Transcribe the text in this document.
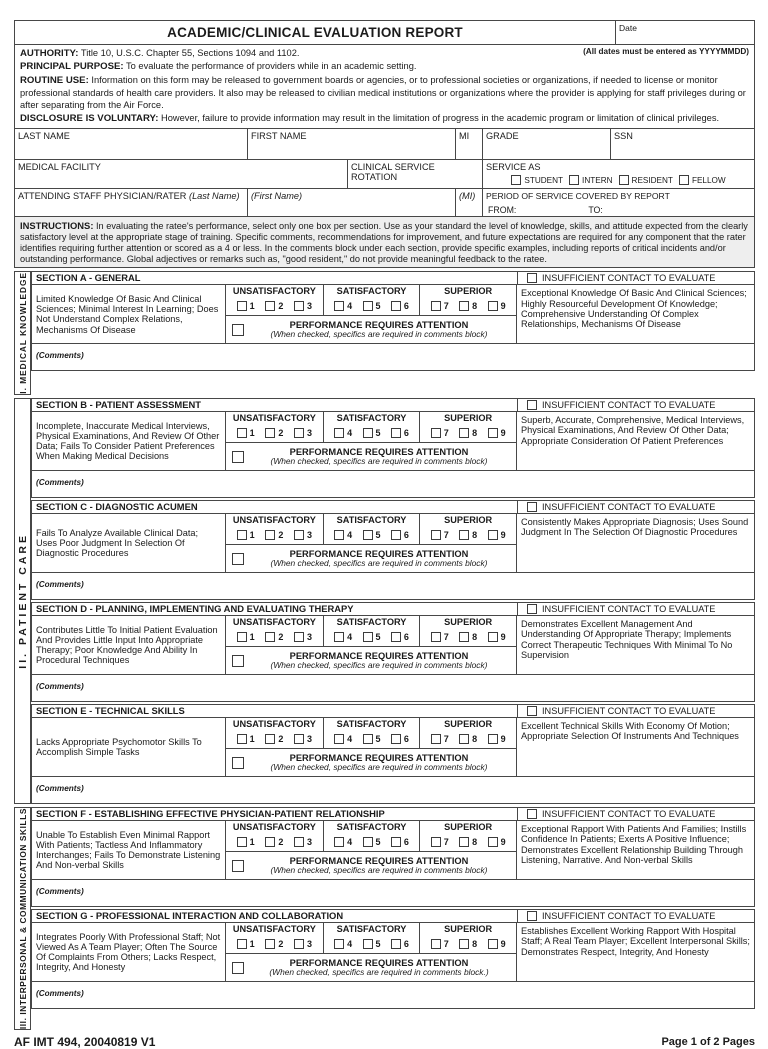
ACADEMIC/CLINICAL EVALUATION REPORT	Date
AUTHORITY: Title 10, U.S.C. Chapter 55, Sections 1094 and 1102.	(All dates must be entered as YYYYMMDD)
PRINCIPAL PURPOSE: To evaluate the performance of providers while in an academic setting.
ROUTINE USE: Information on this form may be released to government boards or agencies, or to professional societies or organizations, if needed to license or monitor professional standards of health care providers. It also may be released to civilian medical institutions or organizations where the provider is applying for staff privileges during or after separating from the Air Force.
DISCLOSURE IS VOLUNTARY: However, failure to provide information may result in the limitation of progress in the academic program or limitation of clinical privileges.
LAST NAME	FIRST NAME	MI	GRADE	SSN
MEDICAL FACILITY	CLINICAL SERVICE ROTATION
SERVICE AS
STUDENT INTERN RESIDENT FELLOW
ATTENDING STAFF PHYSICIAN/RATER (Last Name)	(First Name)	(MI)	PERIOD OF SERVICE COVERED BY REPORT
FROM:	TO:
INSTRUCTIONS: In evaluating the ratee's performance, select only one box per section. Use as your standard the level of knowledge, skills, and attitude expected from the clearly satisfactory level at the appropriate stage of training. Specific comments, recommendations for improvement, and future expectations are required for any component that the rater identifies requiring further attention or scored as a 4 or less. In the comments block under each section, provide specific examples, including reports of critical incidents and/or outstanding performance. Global adjectives or remarks such as, "good resident," do not provide meaningful feedback to the ratee.
I. MEDICAL KNOWLEDGE SECTION A - GENERAL	INSUFFICIENT CONTACT TO EVALUATE
Limited Knowledge Of Basic And Clinical Sciences; Minimal Interest In Learning; Does Not Understand Complex Relations, Mechanisms Of Disease
UNSATISFACTORY
1	2	3
SATISFACTORY
4	5	6
SUPERIOR
7	8	9
PERFORMANCE REQUIRES ATTENTION
(When checked, specifics are required in comments block)
Exceptional Knowledge Of Basic And Clinical Sciences; Highly Resourceful Development Of Knowledge; Comprehensive Understanding Of Complex Relationships, Mechanisms Of Disease
(Comments)
II. PATIENT CARE
SECTION B - PATIENT ASSESSMENT	INSUFFICIENT CONTACT TO EVALUATE
Incomplete, Inaccurate Medical Interviews, Physical Examinations, And Review Of Other Data; Fails To Consider Patient Preferences When Making Medical Decisions
UNSATISFACTORY
1	2	3
SATISFACTORY
4	5	6
SUPERIOR
7	8	9
PERFORMANCE REQUIRES ATTENTION
(When checked, specifics are required in comments block)
Superb, Accurate, Comprehensive, Medical Interviews, Physical Examinations, And Review Of Other Data; Appropriate Consideration Of Patient Preferences
(Comments)
SECTION C - DIAGNOSTIC ACUMEN	INSUFFICIENT CONTACT TO EVALUATE
Fails To Analyze Available Clinical Data; Uses Poor Judgment In Selection Of Diagnostic Procedures
UNSATISFACTORY
1	2	3
SATISFACTORY
4	5	6
SUPERIOR
7	8	9
PERFORMANCE REQUIRES ATTENTION
(When checked, specifics are required in comments block)
Consistently Makes Appropriate Diagnosis; Uses Sound Judgment In The Selection Of Diagnostic Procedures
(Comments)
SECTION D - PLANNING, IMPLEMENTING AND EVALUATING THERAPY	INSUFFICIENT CONTACT TO EVALUATE
Contributes Little To Initial Patient Evaluation And Provides Little Input Into Appropriate Therapy; Poor Knowledge And Ability In Procedural Techniques
UNSATISFACTORY
1	2	3
SATISFACTORY
4	5	6
SUPERIOR
7	8	9
PERFORMANCE REQUIRES ATTENTION
(When checked, specifics are required in comments block)
Demonstrates Excellent Management And Understanding Of Appropriate Therapy; Implements Correct Therapeutic Techniques With Minimal To No Supervision
(Comments)
SECTION E - TECHNICAL SKILLS	INSUFFICIENT CONTACT TO EVALUATE
Lacks Appropriate Psychomotor Skills To Accomplish Simple Tasks
UNSATISFACTORY
1	2	3
SATISFACTORY
4	5	6
SUPERIOR
7	8	9
PERFORMANCE REQUIRES ATTENTION
(When checked, specifics are required in comments block)
Excellent Technical Skills With Economy Of Motion; Appropriate Selection Of Instruments And Techniques
(Comments)
III. INTERPERSONAL & COMMUNICATION SKILLS SECTION F - ESTABLISHING EFFECTIVE PHYSICIAN-PATIENT RELATIONSHIP	INSUFFICIENT CONTACT TO EVALUATE
Unable To Establish Even Minimal Rapport With Patients; Tactless And Inflammatory Interchanges; Fails To Demonstrate Listening And Non-verbal Skills
UNSATISFACTORY
1	2	3
SATISFACTORY
4	5	6
SUPERIOR
7	8	9
PERFORMANCE REQUIRES ATTENTION
(When checked, specifics are required in comments block)
Exceptional Rapport With Patients And Families; Instills Confidence In Patients; Exerts A Positive Influence; Demonstrates Excellent Relationship Building Through Listening, Narrative. And Non-verbal Skills
(Comments)
SECTION G - PROFESSIONAL INTERACTION AND COLLABORATION	INSUFFICIENT CONTACT TO EVALUATE
Integrates Poorly With Professional Staff; Not Viewed As A Team Player; Often The Source Of Complaints From Others; Lacks Respect, Integrity, And Honesty
UNSATISFACTORY
1	2	3
SATISFACTORY
4	5	6
SUPERIOR
7	8	9
PERFORMANCE REQUIRES ATTENTION
(When checked, specifics are required in comments block.)
Establishes Excellent Working Rapport With Hospital Staff; A Real Team Player; Excellent Interpersonal Skills; Demonstrates Respect, Integrity, And Honesty
(Comments)
AF IMT 494, 20040819 V1	Page 1 of 2 Pages
